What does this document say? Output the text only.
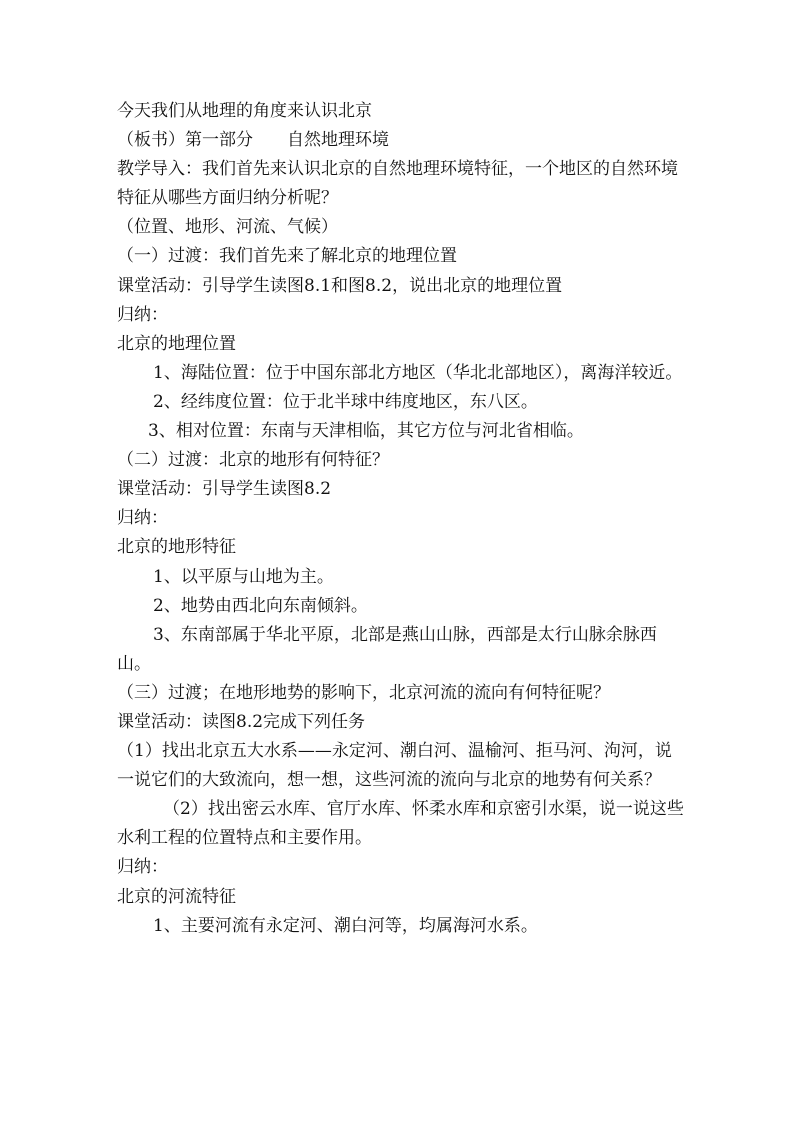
今天我们从地理的角度来认识北京

（板书）第一部分　　自然地理环境

教学导入：我们首先来认识北京的自然地理环境特征，一个地区的自然环境特征从哪些方面归纳分析呢？

（位置、地形、河流、气候）

（一）过渡：我们首先来了解北京的地理位置

课堂活动：引导学生读图8.1和图8.2，说出北京的地理位置

归纳：

北京的地理位置

1、海陆位置：位于中国东部北方地区（华北北部地区），离海洋较近。

2、经纬度位置：位于北半球中纬度地区，东八区。

3、相对位置：东南与天津相临，其它方位与河北省相临。

（二）过渡：北京的地形有何特征？

课堂活动：引导学生读图8.2

归纳：

北京的地形特征

1、以平原与山地为主。

2、地势由西北向东南倾斜。

3、东南部属于华北平原，北部是燕山山脉，西部是太行山脉余脉西山。

（三）过渡；在地形地势的影响下，北京河流的流向有何特征呢？

课堂活动：读图8.2完成下列任务

（1）找出北京五大水系——永定河、潮白河、温榆河、拒马河、泃河，说一说它们的大致流向，想一想，这些河流的流向与北京的地势有何关系？

（2）找出密云水库、官厅水库、怀柔水库和京密引水渠，说一说这些水利工程的位置特点和主要作用。

归纳：

北京的河流特征

1、主要河流有永定河、潮白河等，均属海河水系。
